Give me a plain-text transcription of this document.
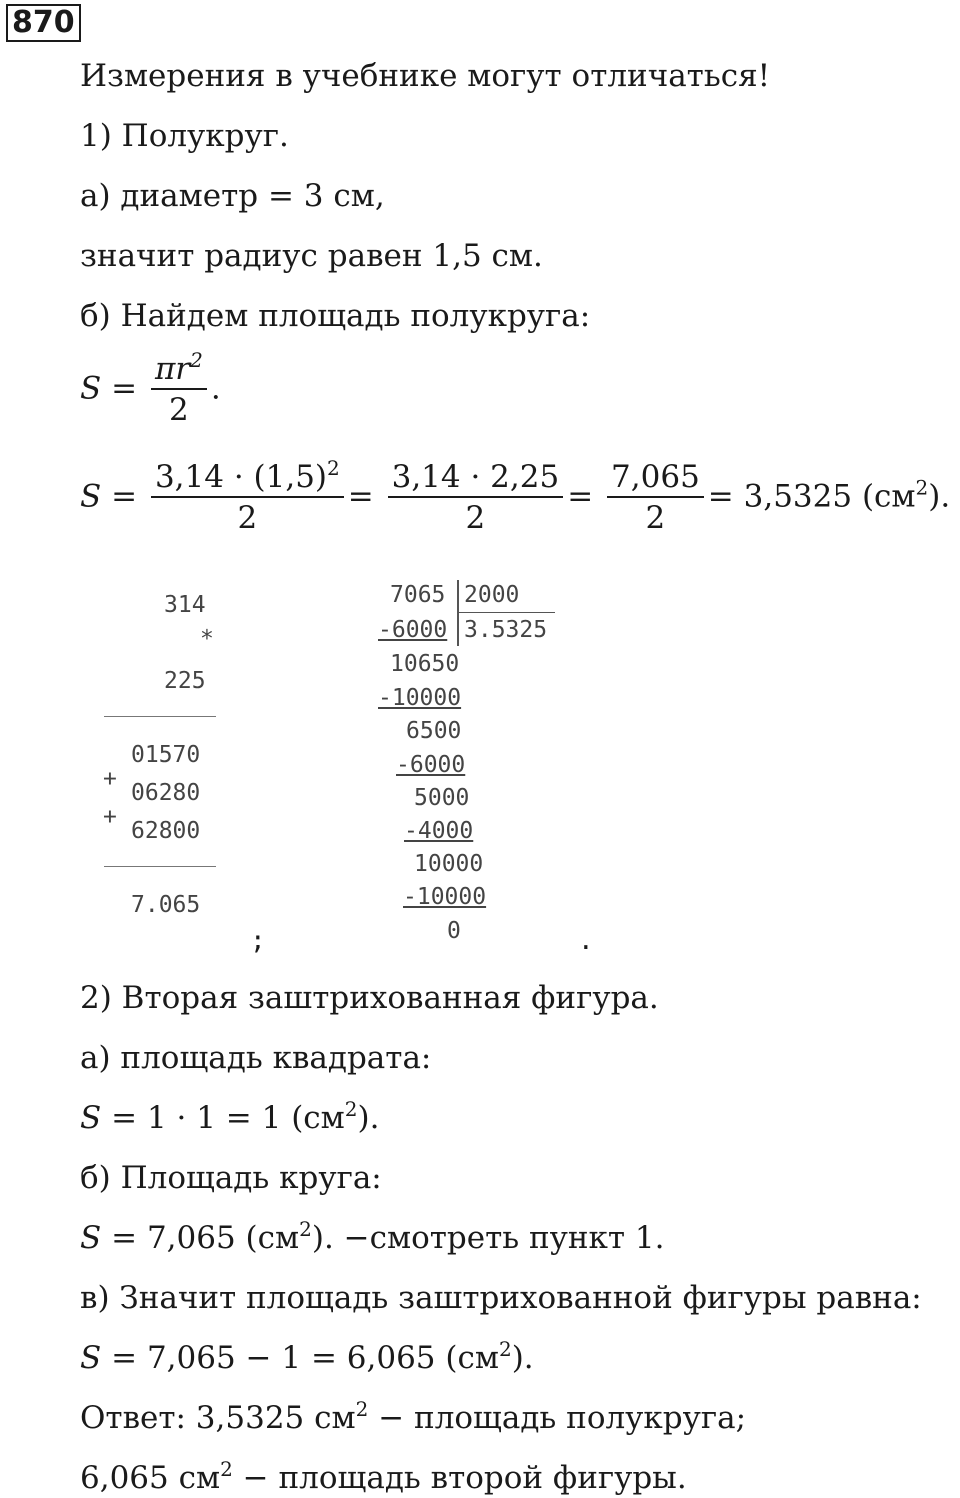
870
Измерения в учебнике могут отличаться!
1) Полукруг.
а) диаметр = 3 см,
значит радиус равен 1,5 см.
б) Найдем площадь полукруга:
$S = \frac{\pi r^2}{2}$ .
$S = \frac{3,14 \cdot (1,5)^2}{2} = \frac{3,14 \cdot 2,25}{2} = \frac{7,065}{2} = 3,5325$ $(см^2)$.
314
*
225
01570
+
06280
+
62800
7.065
;
7065 2000
3.5325
-6000
10650
-10000
6500
-6000
5000
-4000
10000
-10000
0	.
2) Вторая заштрихованная фигура.
а) площадь квадрата:
S = 1 · 1 = 1 $(см^2)$.
б) Площадь круга:
S = 7,065 $(см^2)$. −смотреть пункт 1.
в) Значит площадь заштрихованной фигуры равна:
S = 7,065 − 1 = 6,065 $(см^2)$.
Ответ: 3,5325 $см^2$ − площадь полукруга;
6,065 $см^2$ − площадь второй фигуры.
